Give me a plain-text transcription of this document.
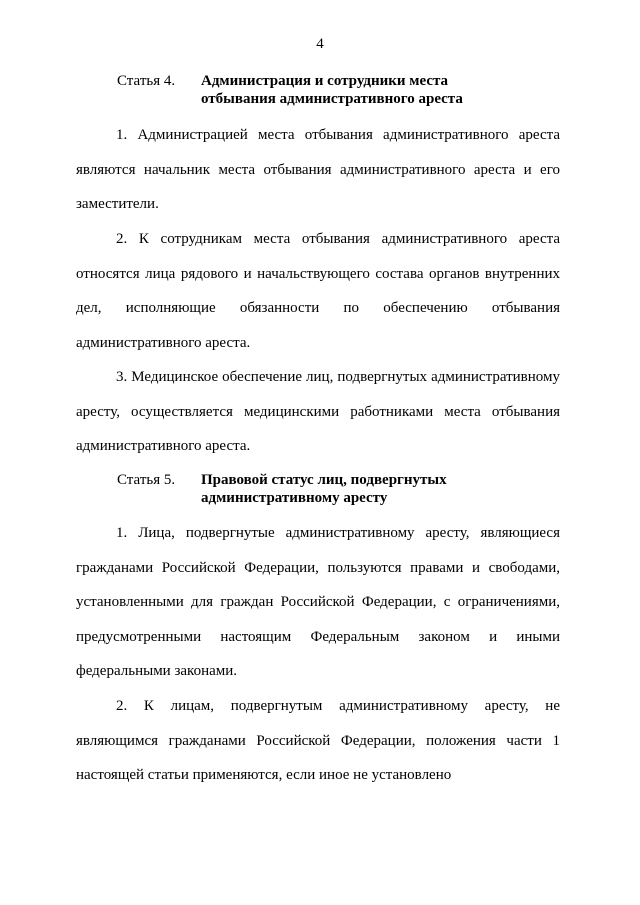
4
Статья 4. Администрация и сотрудники места
отбывания административного ареста

1. Администрацией места отбывания административного ареста являются начальник места отбывания административного ареста и его заместители.

2. К сотрудникам места отбывания административного ареста относятся лица рядового и начальствующего состава органов внутренних дел, исполняющие обязанности по обеспечению отбывания административного ареста.

3. Медицинское обеспечение лиц, подвергнутых административному аресту, осуществляется медицинскими работниками места отбывания административного ареста.

Статья 5. Правовой статус лиц, подвергнутых
административному аресту

1. Лица, подвергнутые административному аресту, являющиеся гражданами Российской Федерации, пользуются правами и свободами, установленными для граждан Российской Федерации, с ограничениями, предусмотренными настоящим Федеральным законом и иными федеральными законами.

2. К лицам, подвергнутым административному аресту, не являющимся гражданами Российской Федерации, положения части 1 настоящей статьи применяются, если иное не установлено
